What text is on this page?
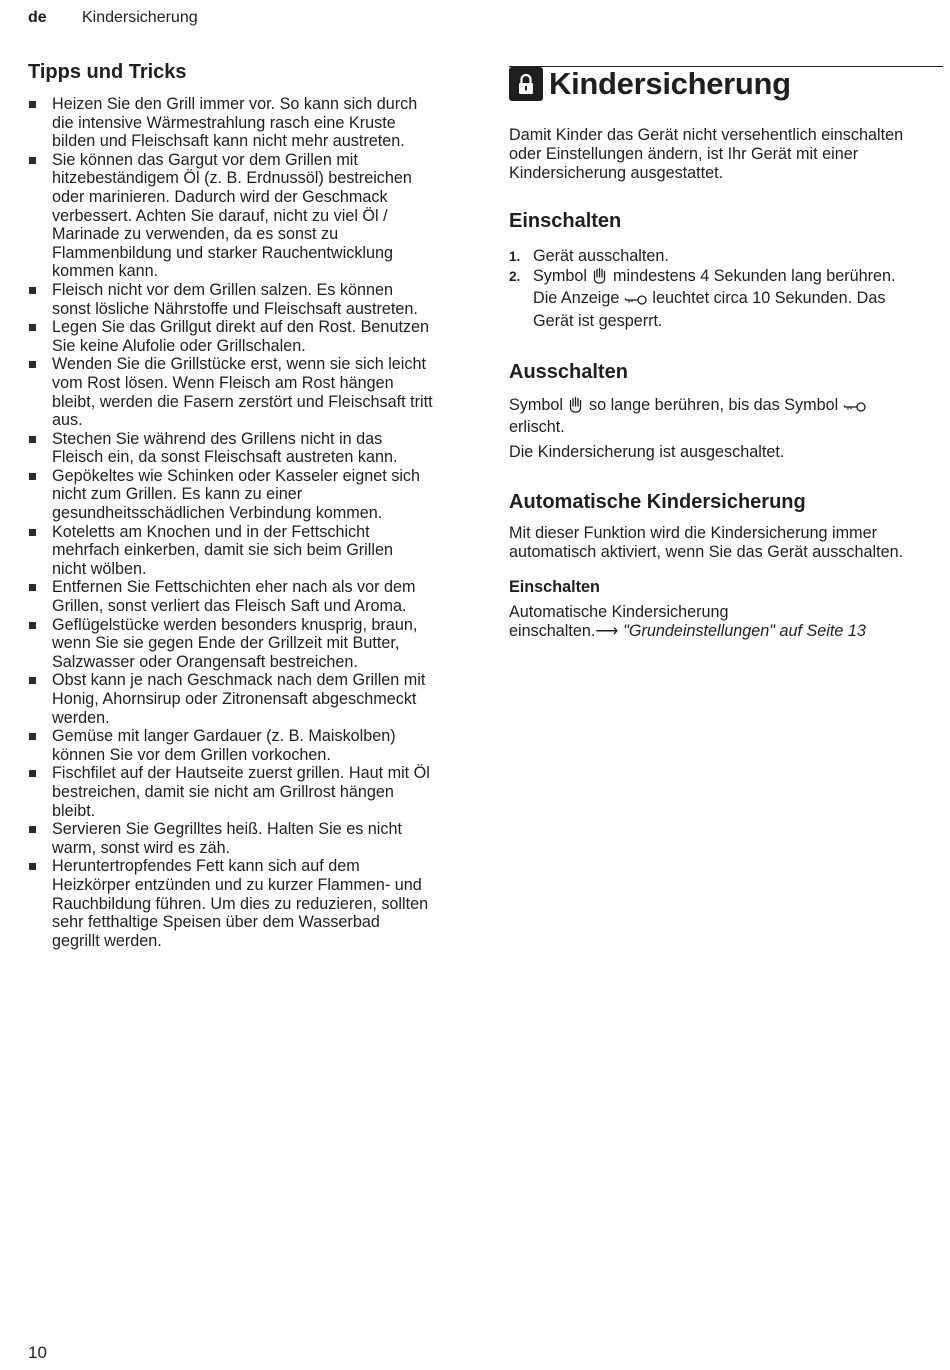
de Kindersicherung
Tipps und Tricks
Heizen Sie den Grill immer vor. So kann sich durch
die intensive Wärmestrahlung rasch eine Kruste
bilden und Fleischsaft kann nicht mehr austreten.
Sie können das Gargut vor dem Grillen mit
hitzebeständigem Öl (z. B. Erdnussöl) bestreichen
oder marinieren. Dadurch wird der Geschmack
verbessert. Achten Sie darauf, nicht zu viel Öl /
Marinade zu verwenden, da es sonst zu
Flammenbildung und starker Rauchentwicklung
kommen kann.
Fleisch nicht vor dem Grillen salzen. Es können
sonst lösliche Nährstoffe und Fleischsaft austreten.
Legen Sie das Grillgut direkt auf den Rost. Benutzen
Sie keine Alufolie oder Grillschalen.
Wenden Sie die Grillstücke erst, wenn sie sich leicht
vom Rost lösen. Wenn Fleisch am Rost hängen
bleibt, werden die Fasern zerstört und Fleischsaft tritt
aus.
Stechen Sie während des Grillens nicht in das
Fleisch ein, da sonst Fleischsaft austreten kann.
Gepökeltes wie Schinken oder Kasseler eignet sich
nicht zum Grillen. Es kann zu einer
gesundheitsschädlichen Verbindung kommen.
Koteletts am Knochen und in der Fettschicht
mehrfach einkerben, damit sie sich beim Grillen
nicht wölben.
Entfernen Sie Fettschichten eher nach als vor dem
Grillen, sonst verliert das Fleisch Saft und Aroma.
Geflügelstücke werden besonders knusprig, braun,
wenn Sie sie gegen Ende der Grillzeit mit Butter,
Salzwasser oder Orangensaft bestreichen.
Obst kann je nach Geschmack nach dem Grillen mit
Honig, Ahornsirup oder Zitronensaft abgeschmeckt
werden.
Gemüse mit langer Gardauer (z. B. Maiskolben)
können Sie vor dem Grillen vorkochen.
Fischfilet auf der Hautseite zuerst grillen. Haut mit Öl
bestreichen, damit sie nicht am Grillrost hängen
bleibt.
Servieren Sie Gegrilltes heiß. Halten Sie es nicht
warm, sonst wird es zäh.
Heruntertropfendes Fett kann sich auf dem
Heizkörper entzünden und zu kurzer Flammen- und
Rauchbildung führen. Um dies zu reduzieren, sollten
sehr fetthaltige Speisen über dem Wasserbad
gegrillt werden.
Kindersicherung

Damit Kinder das Gerät nicht versehentlich einschalten
oder Einstellungen ändern, ist Ihr Gerät mit einer
Kindersicherung ausgestattet.

Einschalten
1. Gerät ausschalten.
2. Symbol mindestens 4 Sekunden lang berühren.
Die Anzeige leuchtet circa 10 Sekunden. Das
Gerät ist gesperrt.
Ausschalten

Symbol so lange berühren, bis das Symbol
erlischt.

Die Kindersicherung ist ausgeschaltet.

Automatische Kindersicherung

Mit dieser Funktion wird die Kindersicherung immer
automatisch aktiviert, wenn Sie das Gerät ausschalten.

Einschalten

Automatische Kindersicherung
einschalten.⟶ "Grundeinstellungen" auf Seite 13

10
